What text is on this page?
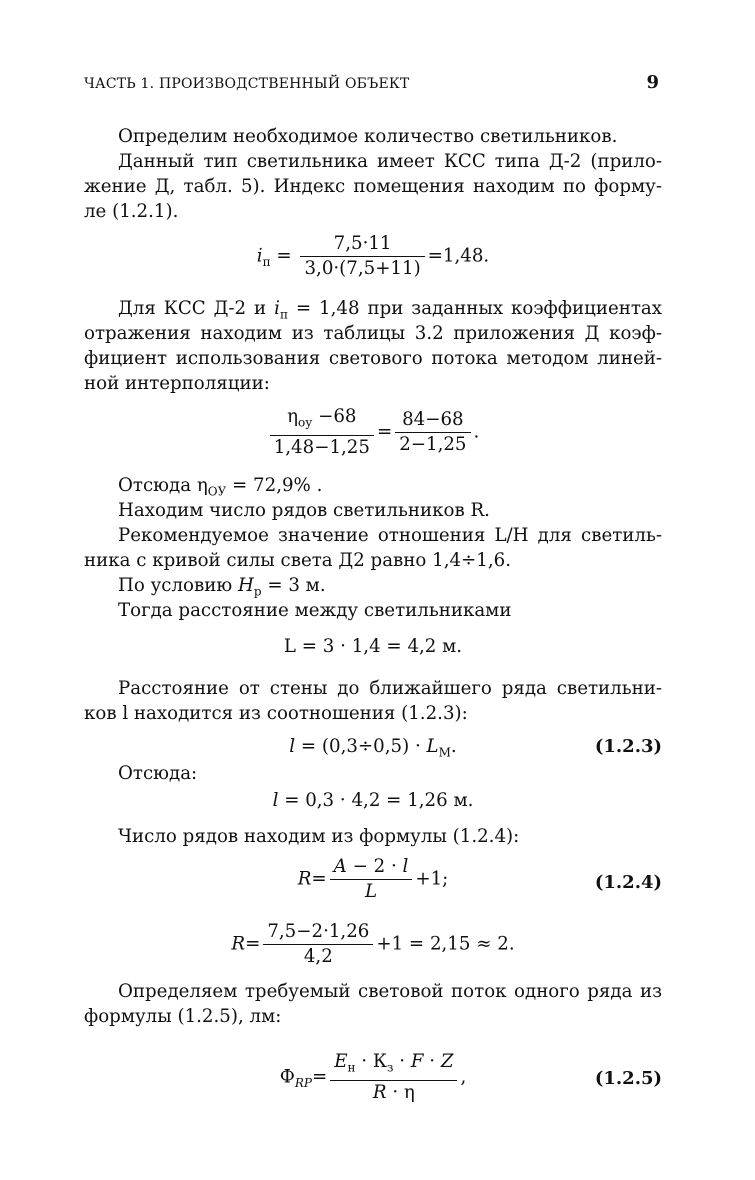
ЧАСТЬ 1. ПРОИЗВОДСТВЕННЫЙ ОБЪЕКТ	9
Определим необходимое количество светильников.
Данный тип светильника имеет КСС типа Д-2 (прило-
жение Д, табл. 5). Индекс помещения находим по форму-
ле (1.2.1).
$i_п = \frac{7,5\cdot 11}{3,0\cdot(7,5+11)} =1,48$.
Для КСС Д-2 и $i_п = 1,48$ при заданных коэффициентах
отражения находим из таблицы 3.2 приложения Д коэф-
фициент использования светового потока методом линей-
ной интерполяции:
$\frac{\eta_{оу} -68}{1,48-1,25} = \frac{84-68}{2-1,25}$ .
Отсюда $\eta_{ОУ} = 72,9\%$ .
Находим число рядов светильников R.
Рекомендуемое значение отношения L/H для светиль-
ника с кривой силы света Д2 равно 1,4÷1,6.
По условию $H_р = 3$ м.
Тогда расстояние между светильниками
L = 3 · 1,4 = 4,2 м.
Расстояние от стены до ближайшего ряда светильни-
ков l находится из соотношения (1.2.3):
$l = (0,3\div 0,5) \cdot L_М$.	(1.2.3)
Отсюда:
l = 0,3 · 4,2 = 1,26 м.
Число рядов находим из формулы (1.2.4):
$R= \frac{A - 2 \cdot l}{L} +1$;	(1.2.4)
$R= \frac{7,5-2\cdot 1,26}{4,2} +1 = 2,15 \approx 2$.
Определяем требуемый световой поток одного ряда из
формулы (1.2.5), лм:
$Ф_{RP}= \frac{E_н \cdot К_з \cdot F \cdot Z}{R \cdot \eta}$ ,	(1.2.5)
